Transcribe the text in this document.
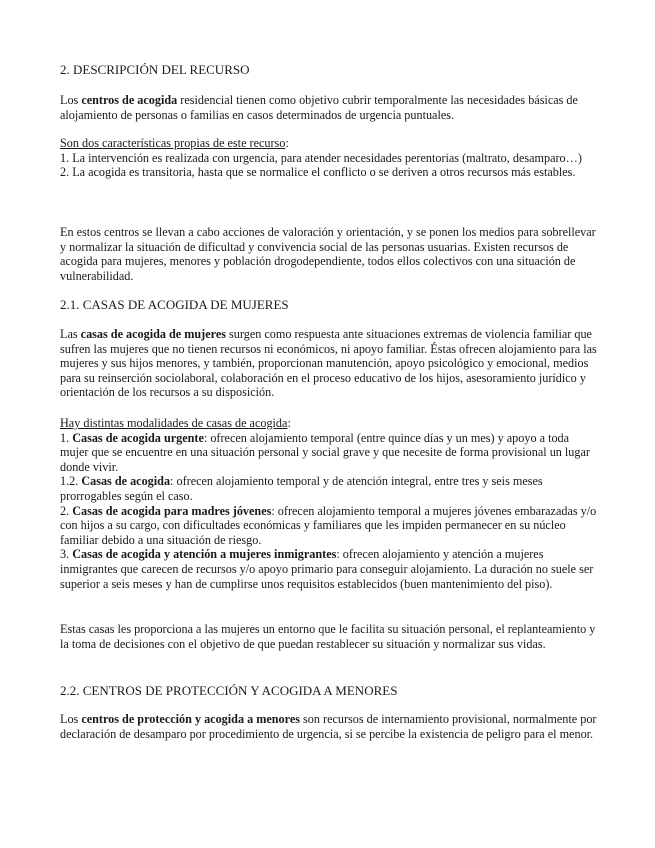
2. DESCRIPCIÓN DEL RECURSO

Los centros de acogida residencial tienen como objetivo cubrir temporalmente las necesidades básicas de alojamiento de personas o familias en casos determinados de urgencia puntuales.

Son dos características propias de este recurso:
1. La intervención es realizada con urgencia, para atender necesidades perentorias (maltrato, desamparo…)
2. La acogida es transitoria, hasta que se normalice el conflicto o se deriven a otros recursos más estables.

En estos centros se llevan a cabo acciones de valoración y orientación, y se ponen los medios para sobrellevar y normalizar la situación de dificultad y convivencia social de las personas usuarias. Existen recursos de acogida para mujeres, menores y población drogodependiente, todos ellos colectivos con una situación de vulnerabilidad.

2.1. CASAS DE ACOGIDA DE MUJERES

Las casas de acogida de mujeres surgen como respuesta ante situaciones extremas de violencia familiar que sufren las mujeres que no tienen recursos ni económicos, ni apoyo familiar. Éstas ofrecen alojamiento para las mujeres y sus hijos menores, y también, proporcionan manutención, apoyo psicológico y emocional, medios para su reinserción sociolaboral, colaboración en el proceso educativo de los hijos, asesoramiento jurídico y orientación de los recursos a su disposición.

Hay distintas modalidades de casas de acogida:
1. Casas de acogida urgente: ofrecen alojamiento temporal (entre quince días y un mes) y apoyo a toda mujer que se encuentre en una situación personal y social grave y que necesite de forma provisional un lugar donde vivir.
1.2. Casas de acogida: ofrecen alojamiento temporal y de atención integral, entre tres y seis meses prorrogables según el caso.
2. Casas de acogida para madres jóvenes: ofrecen alojamiento temporal a mujeres jóvenes embarazadas y/o con hijos a su cargo, con dificultades económicas y familiares que les impiden permanecer en su núcleo familiar debido a una situación de riesgo.
3. Casas de acogida y atención a mujeres inmigrantes: ofrecen alojamiento y atención a mujeres inmigrantes que carecen de recursos y/o apoyo primario para conseguir alojamiento. La duración no suele ser superior a seis meses y han de cumplirse unos requisitos establecidos (buen mantenimiento del piso).

Estas casas les proporciona a las mujeres un entorno que le facilita su situación personal, el replanteamiento y la toma de decisiones con el objetivo de que puedan restablecer su situación y normalizar sus vidas.

2.2. CENTROS DE PROTECCIÓN Y ACOGIDA A MENORES

Los centros de protección y acogida a menores son recursos de internamiento provisional, normalmente por declaración de desamparo por procedimiento de urgencia, si se percibe la existencia de peligro para el menor.
